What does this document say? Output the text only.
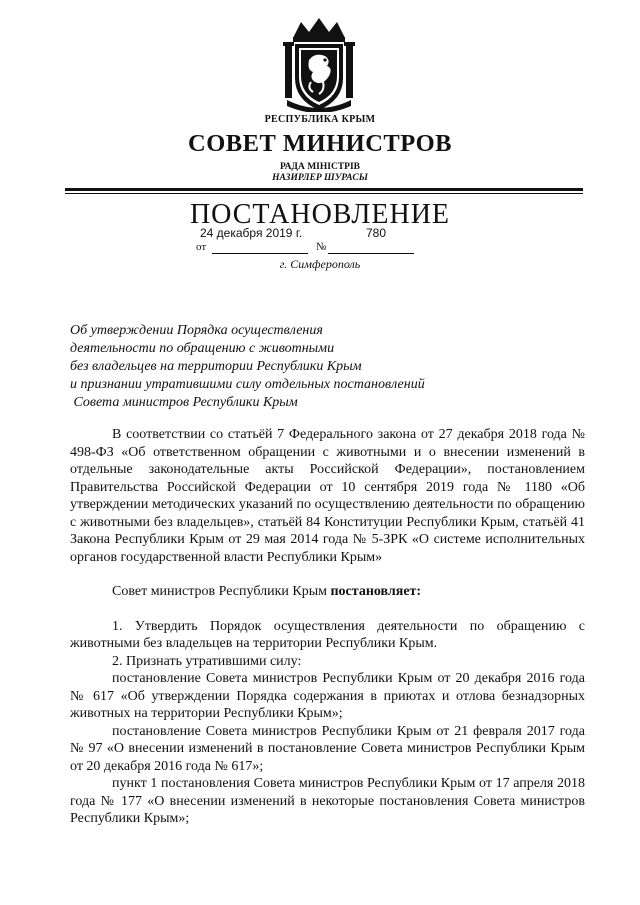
РЕСПУБЛИКА КРЫМ
СОВЕТ МИНИСТРОВ
РАДА МІНІСТРІВ
НАЗИРЛЕР ШУРАСЫ
ПОСТАНОВЛЕНИЕ
24 декабря 2019 г.	780
от	№
г. Симферополь
Об утверждении Порядка осуществления
деятельности по обращению с животными
без владельцев на территории Республики Крым
и признании утратившими силу отдельных постановлений
Совета министров Республики Крым

В соответствии со статьёй 7 Федерального закона от 27 декабря 2018 года № 498-ФЗ «Об ответственном обращении с животными и о внесении изменений в отдельные законодательные акты Российской Федерации», постановлением Правительства Российской Федерации от 10 сентября 2019 года № 1180 «Об утверждении методических указаний по осуществлению деятельности по обращению с животными без владельцев», статьёй 84 Конституции Республики Крым, статьёй 41 Закона Республики Крым от 29 мая 2014 года № 5-ЗРК «О системе исполнительных органов государственной власти Республики Крым»

Совет министров Республики Крым постановляет:

1. Утвердить Порядок осуществления деятельности по обращению с животными без владельцев на территории Республики Крым.

2. Признать утратившими силу:

постановление Совета министров Республики Крым от 20 декабря 2016 года № 617 «Об утверждении Порядка содержания в приютах и отлова безнадзорных животных на территории Республики Крым»;

постановление Совета министров Республики Крым от 21 февраля 2017 года № 97 «О внесении изменений в постановление Совета министров Республики Крым от 20 декабря 2016 года № 617»;

пункт 1 постановления Совета министров Республики Крым от 17 апреля 2018 года № 177 «О внесении изменений в некоторые постановления Совета министров Республики Крым»;
